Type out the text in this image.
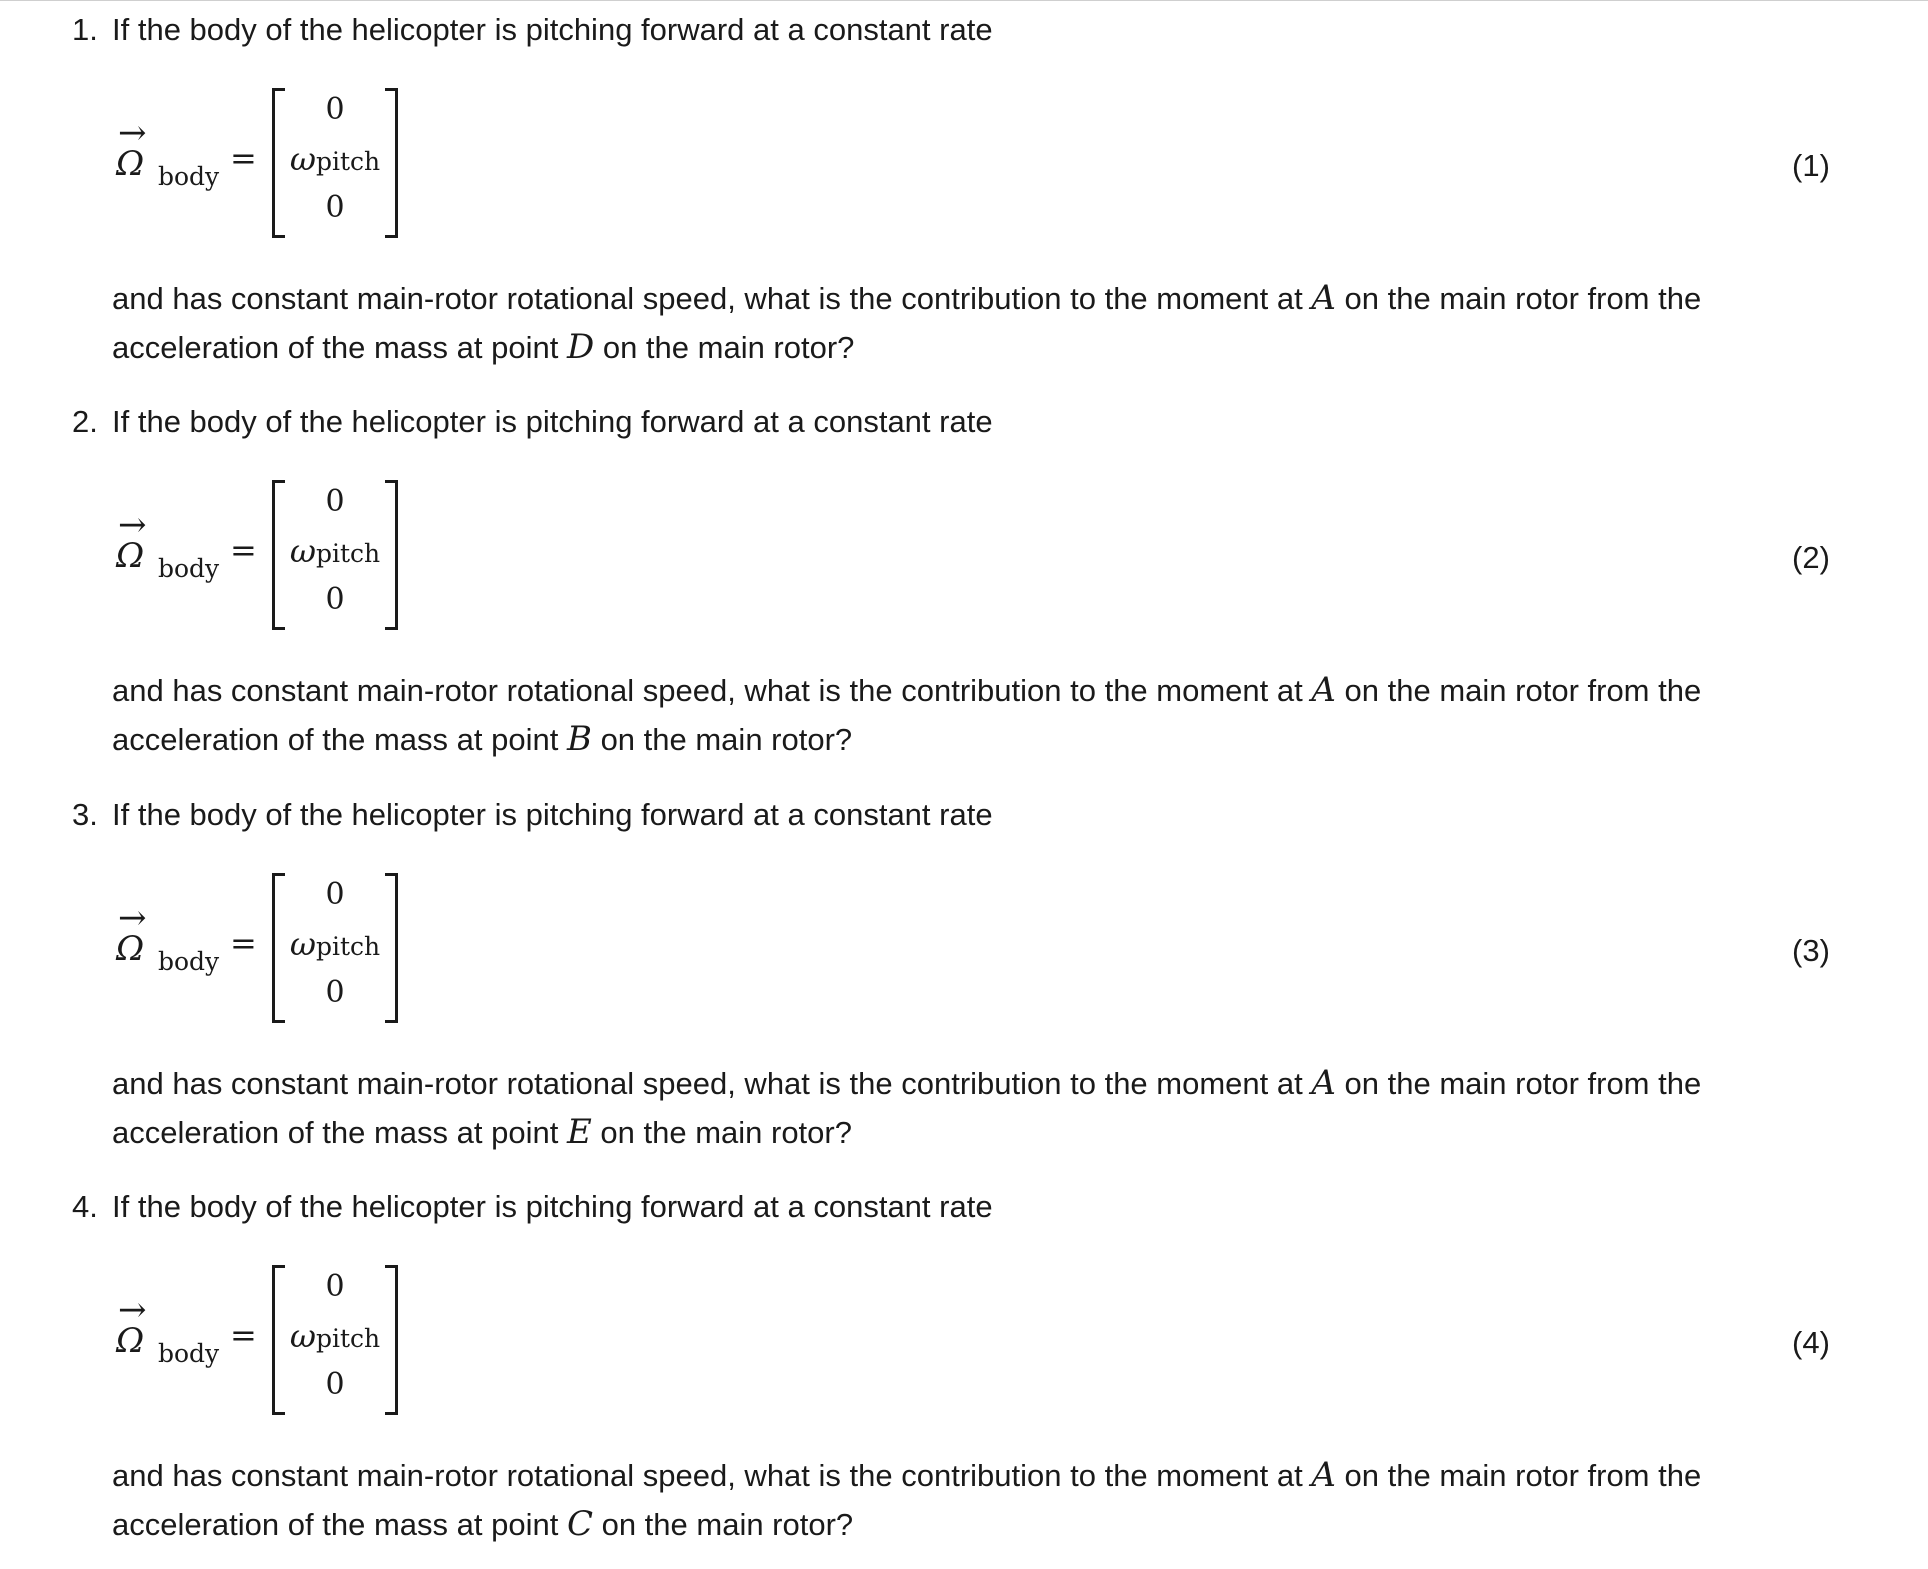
1. If the body of the helicopter is pitching forward at a constant rate
→
Ω body =
0
ωpitch
0
(1)
and has constant main-rotor rotational speed, what is the contribution to the moment at A on the main rotor from the acceleration of the mass at point D on the main rotor?
2. If the body of the helicopter is pitching forward at a constant rate
→
Ω body =
0
ωpitch
0
(2)
and has constant main-rotor rotational speed, what is the contribution to the moment at A on the main rotor from the acceleration of the mass at point B on the main rotor?
3. If the body of the helicopter is pitching forward at a constant rate
→
Ω body =
0
ωpitch
0
(3)
and has constant main-rotor rotational speed, what is the contribution to the moment at A on the main rotor from the acceleration of the mass at point E on the main rotor?
4. If the body of the helicopter is pitching forward at a constant rate
→
Ω body =
0
ωpitch
0
(4)
and has constant main-rotor rotational speed, what is the contribution to the moment at A on the main rotor from the acceleration of the mass at point C on the main rotor?
